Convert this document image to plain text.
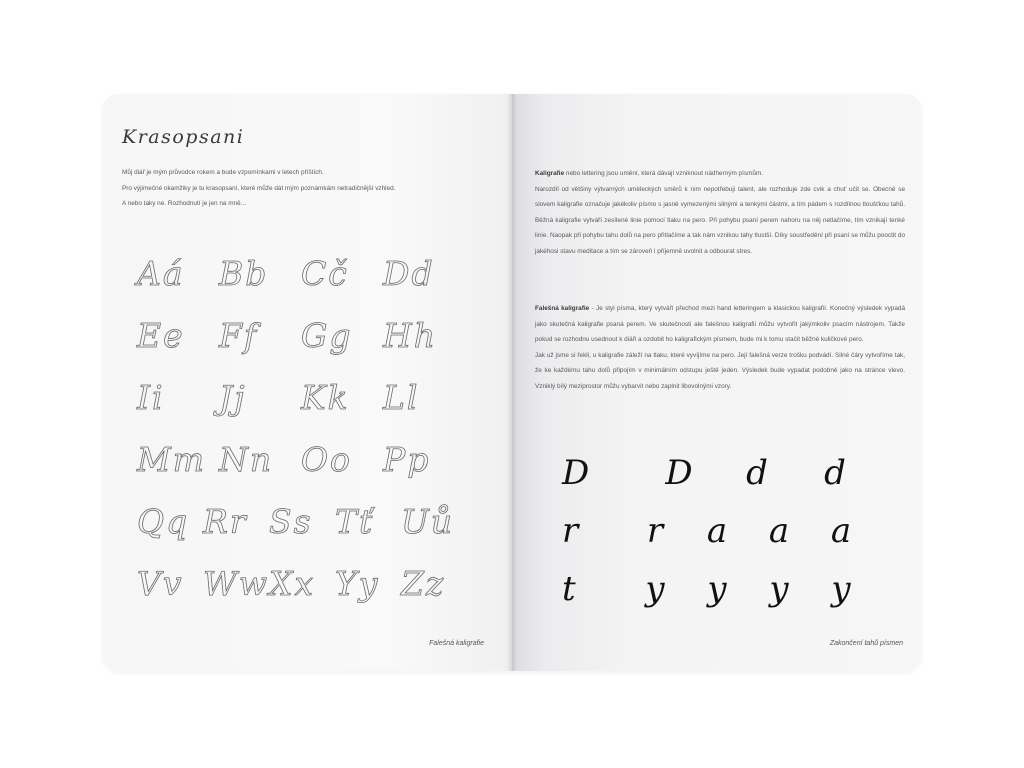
Krasopsani

Můj diář je mým průvodce rokem a bude vzpomínkami v letech příštích.

Pro výjimečné okamžiky je tu krasopsaní, které může dát mým poznámkám netradičnější vzhled.

A nebo taky ne. Rozhodnutí je jen na mně...

Aá	Bb Cč	Dd
Ee	Ff	Gg Hh
Ii	Jj	Kk	Ll
Mm Nn Oo Pp
Qq Rr Ss Tť Uů
Vv Ww Xx Yy Zz
Falešná kaligrafie

Kaligrafie nebo lettering jsou umění, která dávají vzniknout nádherným písmům.

Narozdíl od většiny výtvarných uměleckých směrů k nim nepotřebuji talent, ale rozhoduje zde cvik a chuť učit se. Obecně se slovem kaligrafie označuje jakékoliv písmo s jasně vymezenými silnými a tenkými částmi, a tím pádem s rozdílnou tloušťkou tahů. Běžná kaligrafie vytváří zesílené linie pomocí tlaku na pero. Při pohybu psaní perem nahoru na něj netlačíme, tím vznikají tenké linie. Naopak při pohybu tahu dolů na pero přitlačíme a tak nám vznikou tahy tlustší. Díky soustředění při psaní se můžu pooctit do jakéhosi stavu meditace a tím se zároveň i příjemně uvolnit a odbourat stres.

Falešná kaligrafie - Je styl písma, který vytváří přechod mezi hand letteringem a klasickou kaligrafií. Konečný výsledek vypadá jako skutečná kaligrafie psaná perem. Ve skutečnosti ale falešnou kaligrafii můžu vytvořit jakýmkoliv psacím nástrojem. Takže pokud se rozhodnu usednout k diáři a ozdobit ho kaligrafickým písmem, bude mi k tomu stačit běžné kuličkové pero.

Jak už jsme si řekli, u kaligrafie záleží na tlaku, které vyvíjíme na pero. Její falešná verze trošku podvádí. Silné čáry vytvoříme tak, že ke každému tahu dolů připojím v minimálním odstupu ještě jeden. Výsledek bude vypadat podobně jako na stránce vlevo. Vzniklý bílý meziprostor můžu vybarvit nebo zaplnit libovolnými vzory.

D	D	d	d
r	r	a	a	a
t	y	y	y	y
Zakončení tahů písmen
